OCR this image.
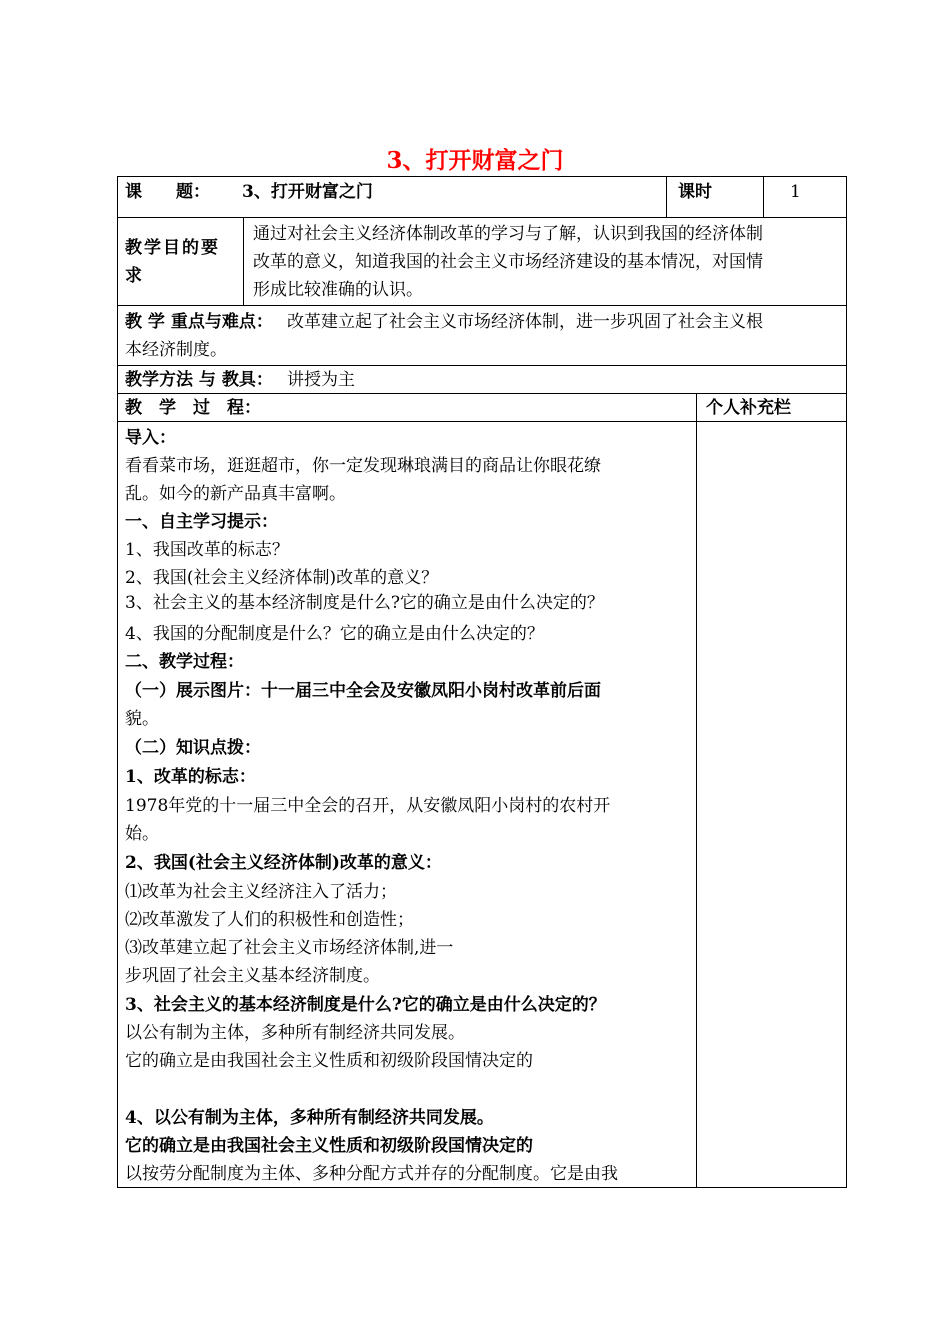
3、打开财富之门
课　　题： 3、打开财富之门	课时	1
教学目的要
求
通过对社会主义经济体制改革的学习与了解，认识到我国的经济体制
改革的意义，知道我国的社会主义市场经济建设的基本情况，对国情
形成比较准确的认识。
教 学 重点与难点： 改革建立起了社会主义市场经济体制，进一步巩固了社会主义根
本经济制度。
教学方法 与 教具： 讲授为主
教　学　过　程：	个人补充栏
导入：
看看菜市场，逛逛超市，你一定发现琳琅满目的商品让你眼花缭
乱。如今的新产品真丰富啊。
一、自主学习提示：
1、我国改革的标志？
2、我国(社会主义经济体制)改革的意义？
3、社会主义的基本经济制度是什么?它的确立是由什么决定的？
4、我国的分配制度是什么？它的确立是由什么决定的？
二、教学过程：
（一）展示图片：十一届三中全会及安徽凤阳小岗村改革前后面
貌。
（二）知识点拨：
1、改革的标志：
1978年党的十一届三中全会的召开，从安徽凤阳小岗村的农村开
始。
2、我国(社会主义经济体制)改革的意义：
⑴改革为社会主义经济注入了活力；
⑵改革激发了人们的积极性和创造性；
⑶改革建立起了社会主义市场经济体制,进一
步巩固了社会主义基本经济制度。
3、社会主义的基本经济制度是什么?它的确立是由什么决定的？
以公有制为主体，多种所有制经济共同发展。
它的确立是由我国社会主义性质和初级阶段国情决定的
4、以公有制为主体，多种所有制经济共同发展。
它的确立是由我国社会主义性质和初级阶段国情决定的
以按劳分配制度为主体、多种分配方式并存的分配制度。它是由我
